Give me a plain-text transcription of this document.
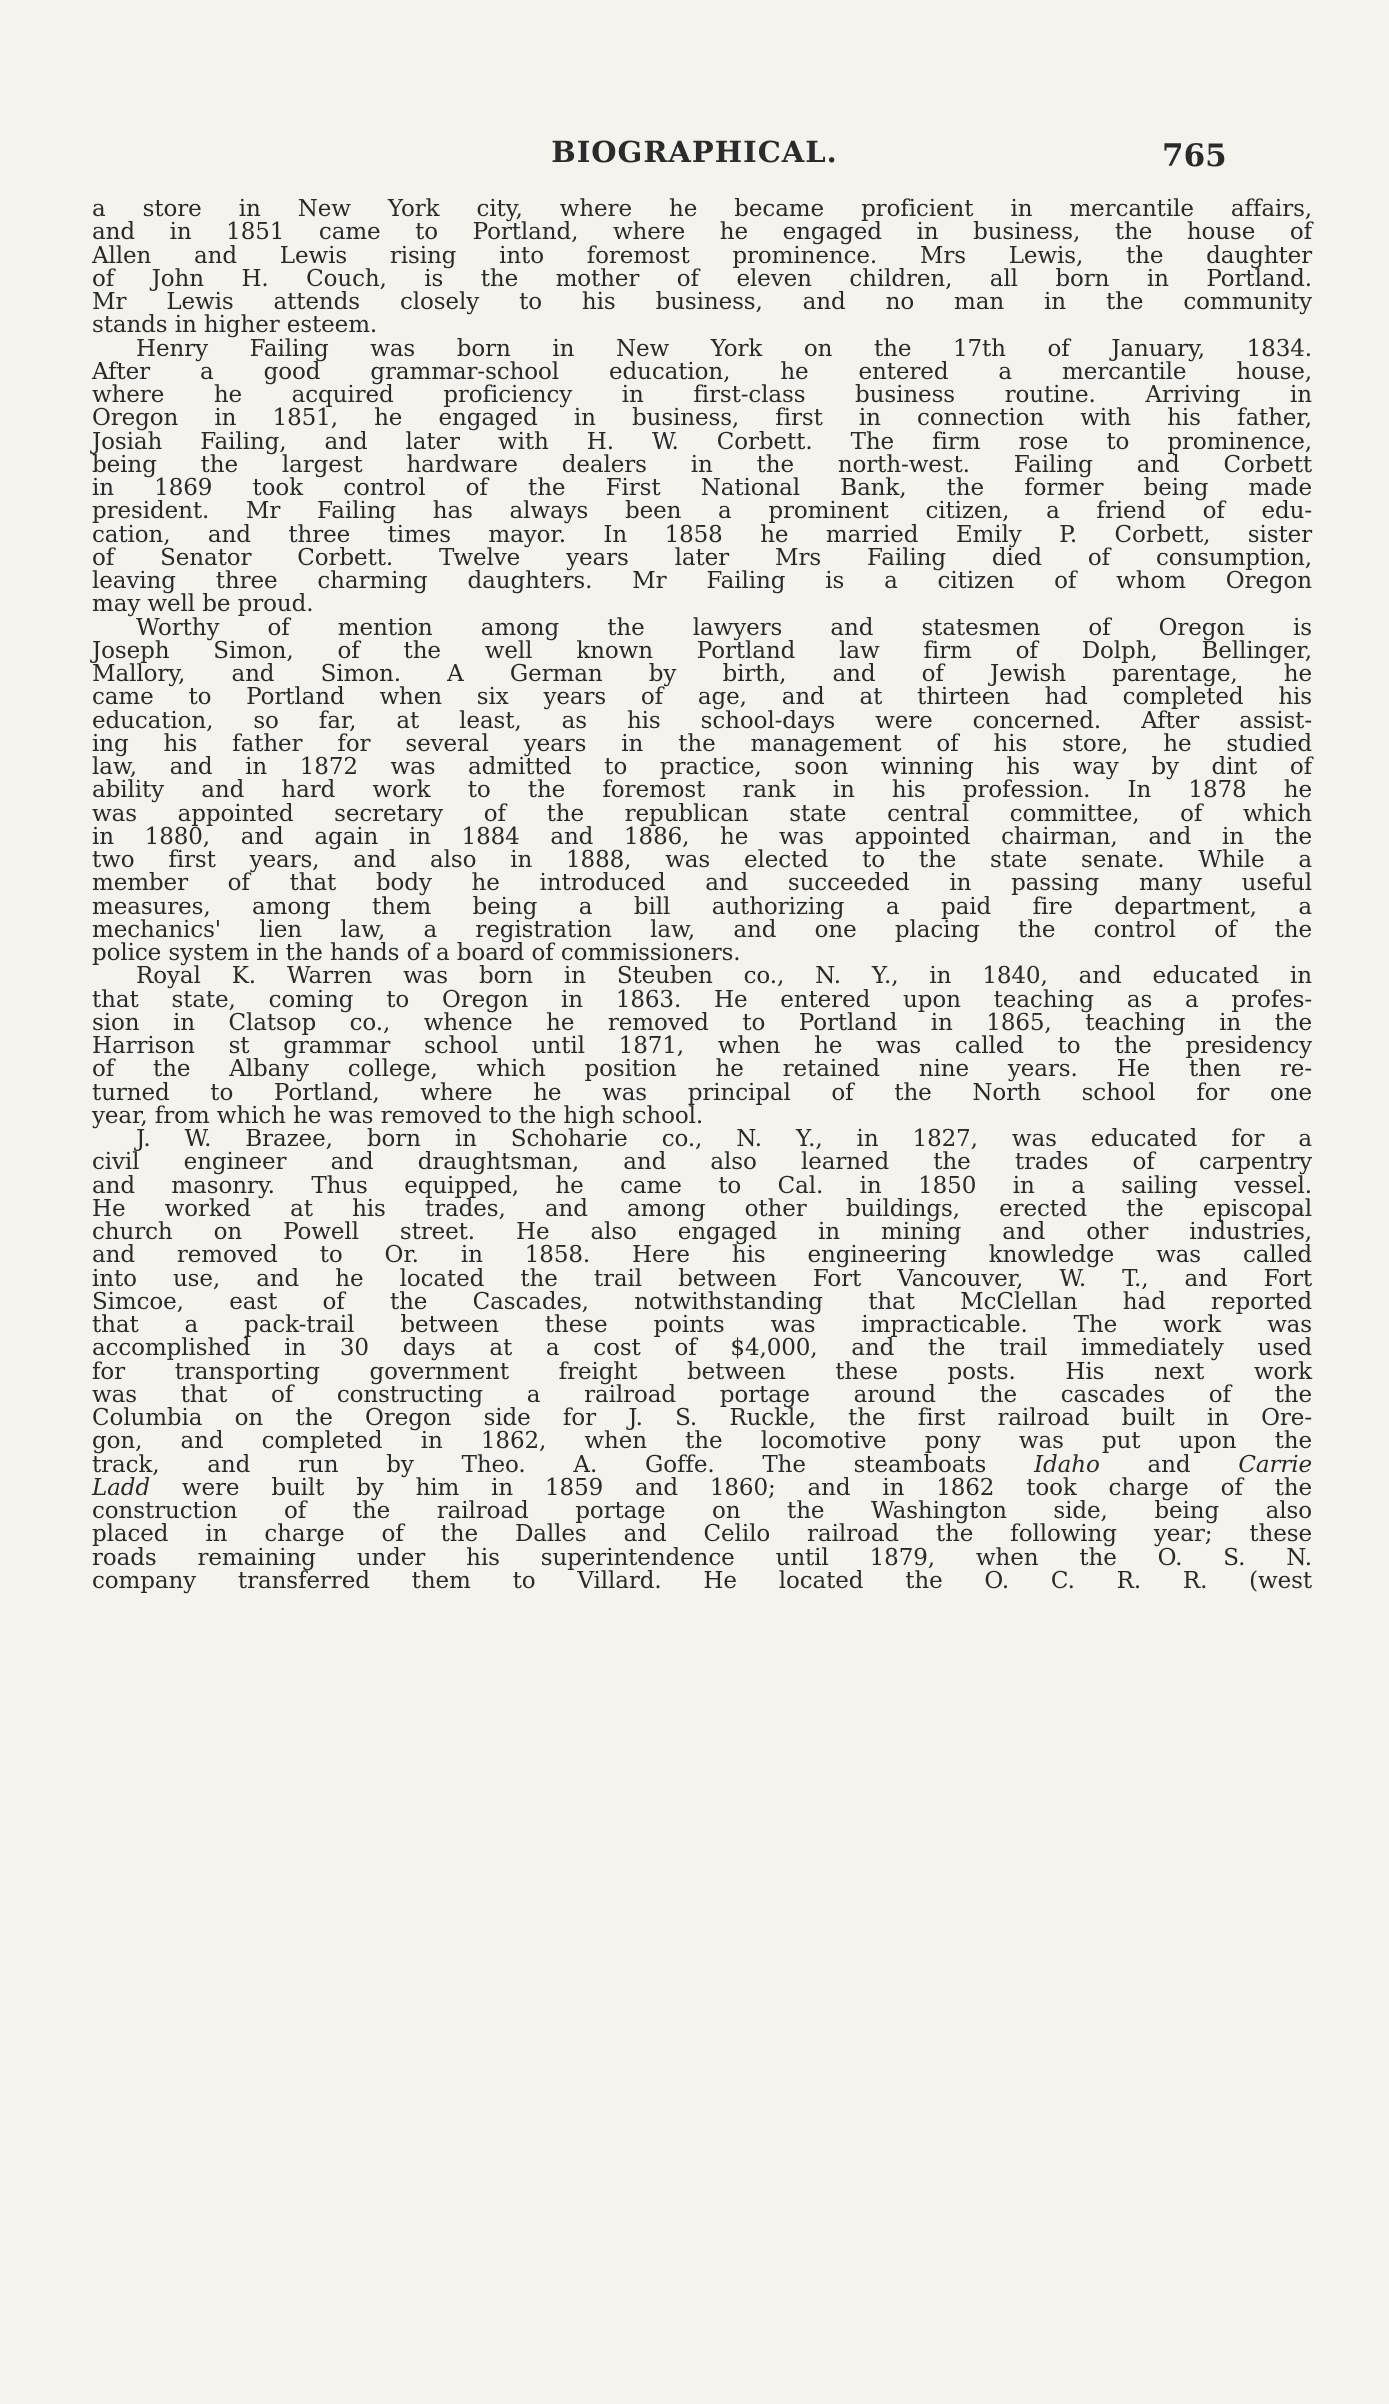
BIOGRAPHICAL.	765
a store in New York city, where he became proficient in mercantile affairs,
and in 1851 came to Portland, where he engaged in business, the house of
Allen and Lewis rising into foremost prominence. Mrs Lewis, the daughter
of John H. Couch, is the mother of eleven children, all born in Portland.
Mr Lewis attends closely to his business, and no man in the community
stands in higher esteem.
Henry Failing was born in New York on the 17th of January, 1834.
After a good grammar-school education, he entered a mercantile house,
where he acquired proficiency in first-class business routine. Arriving in
Oregon in 1851, he engaged in business, first in connection with his father,
Josiah Failing, and later with H. W. Corbett. The firm rose to prominence,
being the largest hardware dealers in the north-west. Failing and Corbett
in 1869 took control of the First National Bank, the former being made
president. Mr Failing has always been a prominent citizen, a friend of edu-
cation, and three times mayor. In 1858 he married Emily P. Corbett, sister
of Senator Corbett. Twelve years later Mrs Failing died of consumption,
leaving three charming daughters. Mr Failing is a citizen of whom Oregon
may well be proud.
Worthy of mention among the lawyers and statesmen of Oregon is
Joseph Simon, of the well known Portland law firm of Dolph, Bellinger,
Mallory, and Simon. A German by birth, and of Jewish parentage, he
came to Portland when six years of age, and at thirteen had completed his
education, so far, at least, as his school-days were concerned. After assist-
ing his father for several years in the management of his store, he studied
law, and in 1872 was admitted to practice, soon winning his way by dint of
ability and hard work to the foremost rank in his profession. In 1878 he
was appointed secretary of the republican state central committee, of which
in 1880, and again in 1884 and 1886, he was appointed chairman, and in the
two first years, and also in 1888, was elected to the state senate. While a
member of that body he introduced and succeeded in passing many useful
measures, among them being a bill authorizing a paid fire department, a
mechanics' lien law, a registration law, and one placing the control of the
police system in the hands of a board of commissioners.
Royal K. Warren was born in Steuben co., N. Y., in 1840, and educated in
that state, coming to Oregon in 1863. He entered upon teaching as a profes-
sion in Clatsop co., whence he removed to Portland in 1865, teaching in the
Harrison st grammar school until 1871, when he was called to the presidency
of the Albany college, which position he retained nine years. He then re-
turned to Portland, where he was principal of the North school for one
year, from which he was removed to the high school.
J. W. Brazee, born in Schoharie co., N. Y., in 1827, was educated for a
civil engineer and draughtsman, and also learned the trades of carpentry
and masonry. Thus equipped, he came to Cal. in 1850 in a sailing vessel.
He worked at his trades, and among other buildings, erected the episcopal
church on Powell street. He also engaged in mining and other industries,
and removed to Or. in 1858. Here his engineering knowledge was called
into use, and he located the trail between Fort Vancouver, W. T., and Fort
Simcoe, east of the Cascades, notwithstanding that McClellan had reported
that a pack-trail between these points was impracticable. The work was
accomplished in 30 days at a cost of $4,000, and the trail immediately used
for transporting government freight between these posts. His next work
was that of constructing a railroad portage around the cascades of the
Columbia on the Oregon side for J. S. Ruckle, the first railroad built in Ore-
gon, and completed in 1862, when the locomotive pony was put upon the
track, and run by Theo. A. Goffe. The steamboats Idaho and Carrie
Ladd were built by him in 1859 and 1860; and in 1862 took charge of the
construction of the railroad portage on the Washington side, being also
placed in charge of the Dalles and Celilo railroad the following year; these
roads remaining under his superintendence until 1879, when the O. S. N.
company transferred them to Villard. He located the O. C. R. R. (west
